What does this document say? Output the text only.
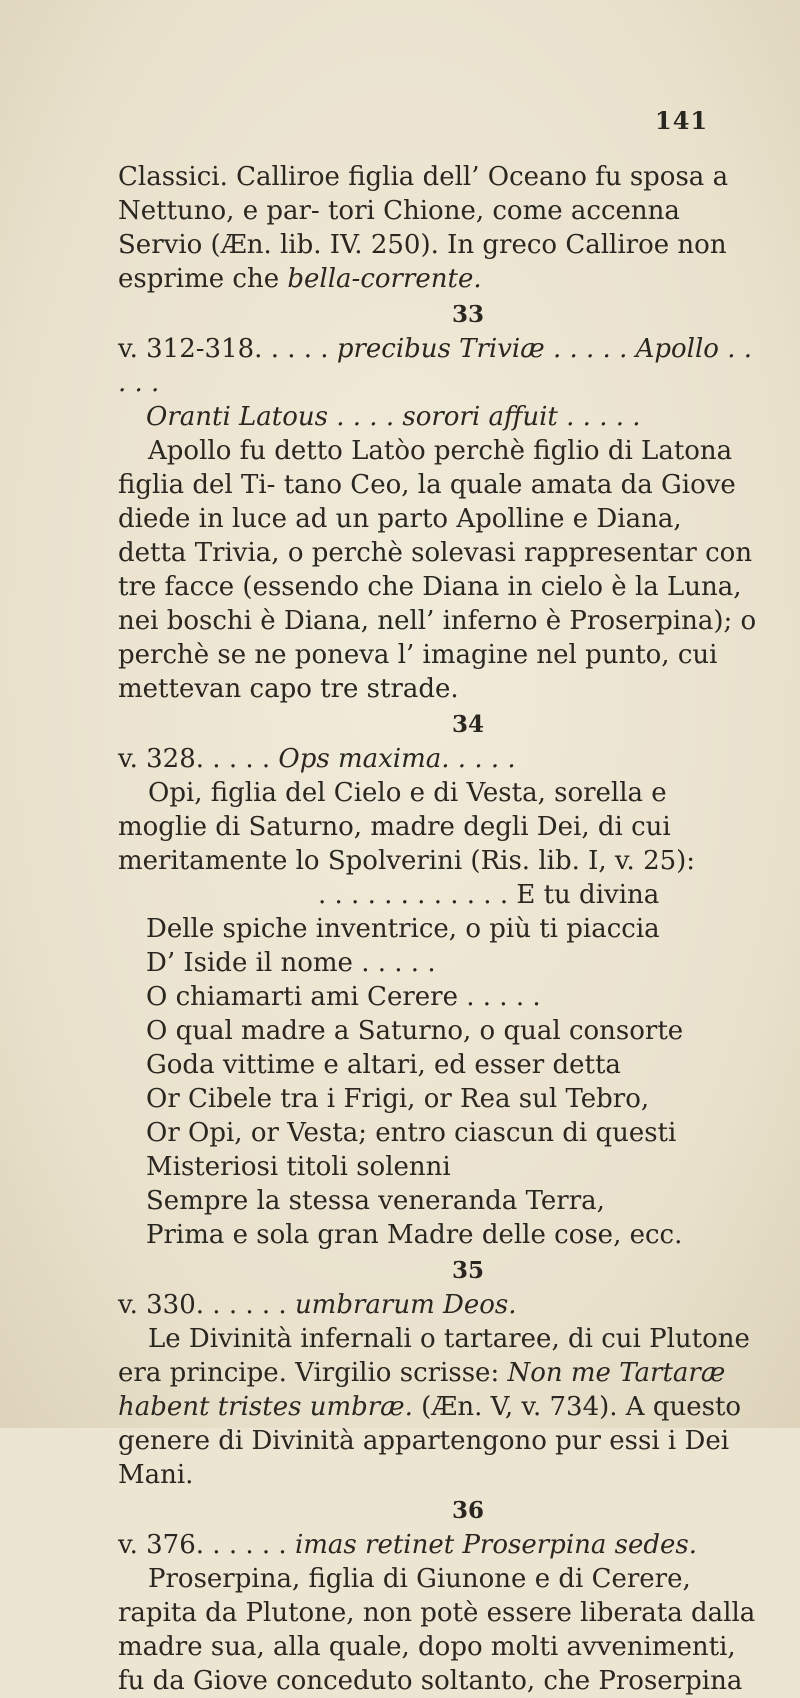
141

Classici. Calliroe figlia dell’ Oceano fu sposa a Nettuno, e par- tori Chione, come accenna Servio (Æn. lib. IV. 250). In greco Calliroe non esprime che bella-corrente.

33

v. 312-318. . . . . precibus Triviæ . . . . . Apollo . . . . .

Oranti Latous . . . . sorori affuit . . . . .

Apollo fu detto Latòo perchè figlio di Latona figlia del Ti- tano Ceo, la quale amata da Giove diede in luce ad un parto Apolline e Diana, detta Trivia, o perchè solevasi rappresentar con tre facce (essendo che Diana in cielo è la Luna, nei boschi è Diana, nell’ inferno è Proserpina); o perchè se ne poneva l’ imagine nel punto, cui mettevan capo tre strade.

34

v. 328. . . . . Ops maxima. . . . .

Opi, figlia del Cielo e di Vesta, sorella e moglie di Saturno, madre degli Dei, di cui meritamente lo Spolverini (Ris. lib. I, v. 25):

. . . . . . . . . . . . E tu divina

Delle spiche inventrice, o più ti piaccia

D’ Iside il nome . . . . .

O chiamarti ami Cerere . . . . .

O qual madre a Saturno, o qual consorte

Goda vittime e altari, ed esser detta

Or Cibele tra i Frigi, or Rea sul Tebro,

Or Opi, or Vesta; entro ciascun di questi

Misteriosi titoli solenni

Sempre la stessa veneranda Terra,

Prima e sola gran Madre delle cose, ecc.

35

v. 330. . . . . . umbrarum Deos.

Le Divinità infernali o tartaree, di cui Plutone era principe. Virgilio scrisse: Non me Tartaræ habent tristes umbræ. (Æn. V, v. 734). A questo genere di Divinità appartengono pur essi i Dei Mani.

36

v. 376. . . . . . imas retinet Proserpina sedes.

Proserpina, figlia di Giunone e di Cerere, rapita da Plutone, non potè essere liberata dalla madre sua, alla quale, dopo molti avvenimenti, fu da Giove conceduto soltanto, che Proserpina
